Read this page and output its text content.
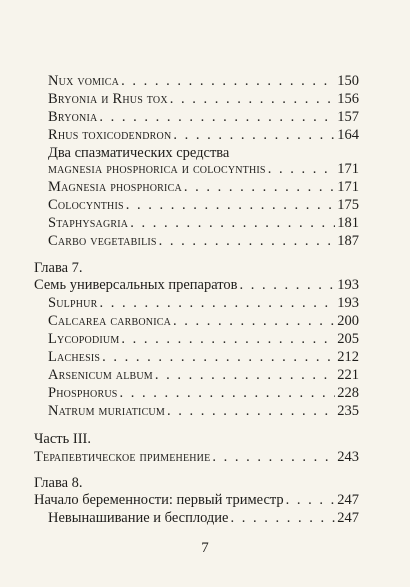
Nux vomica . . .	150
Bryonia и Rhus tox . . .	156
Bryonia . . .	157
Rhus toxicodendron . . .	164
Два спазматических средства
magnesia phosphorica и colocynthis . . .	171
Magnesia phosphorica . . .	171
Colocynthis . . .	175
Staphysagria . . .	181
Carbo vegetabilis . . .	187
Глава 7.
Семь универсальных препаратов . . .	193
Sulphur . . .	193
Calcarea carbonica . . .	200
Lycopodium . . .	205
Lachesis . . .	212
Arsenicum album . . .	221
Phosphorus . . .	228
Natrum muriaticum . . .	235
Часть III.
Терапевтическое применение . . .	243
Глава 8.
Начало беременности: первый триместр . . .	247
Невынашивание и бесплодие . . .	247
7
